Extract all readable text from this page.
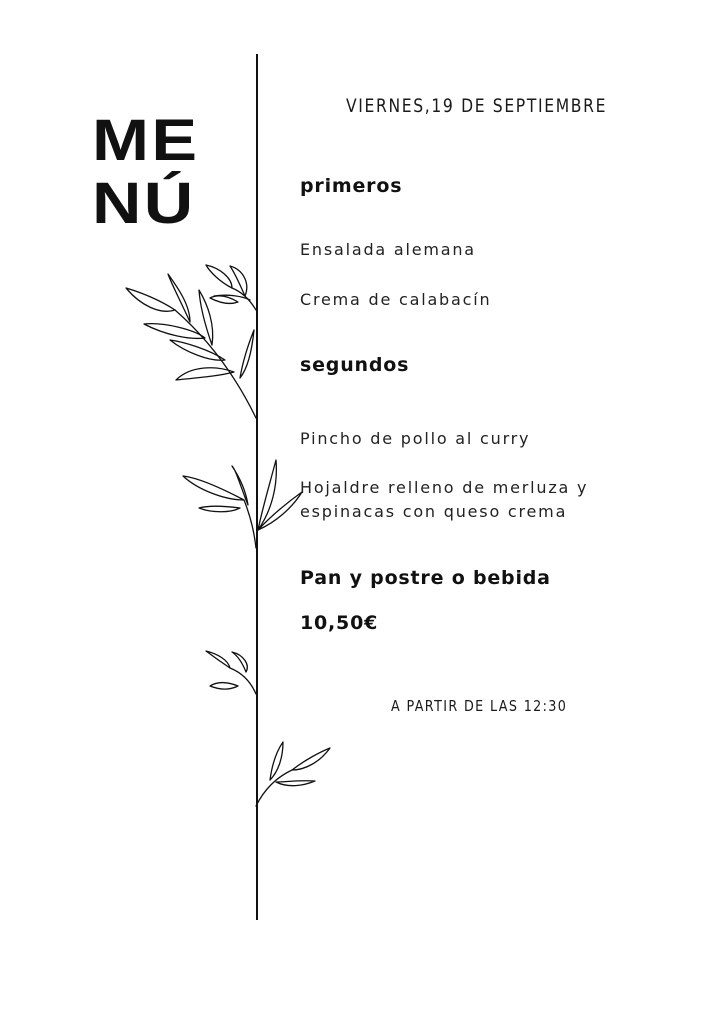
ME
NÚ
VIERNES,19 DE SEPTIEMBRE
primeros
Ensalada alemana
Crema de calabacín
segundos
Pincho de pollo al curry
Hojaldre relleno de merluza y
espinacas con queso crema
Pan y postre o bebida
10,50€
A PARTIR DE LAS 12:30
